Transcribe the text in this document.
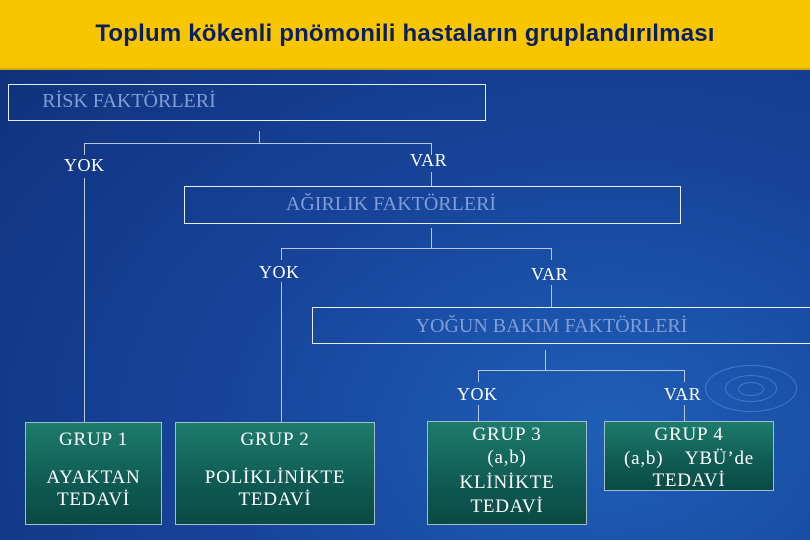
Toplum kökenli pnömonili hastaların gruplandırılması
RİSK FAKTÖRLERİ
AĞIRLIK FAKTÖRLERİ
YOĞUN BAKIM FAKTÖRLERİ
YOK	VAR
YOK	VAR
YOK	VAR
GRUP 1
AYAKTAN
TEDAVİ
GRUP 2
POLİKLİNİKTE
TEDAVİ
GRUP 3
(a,b)
KLİNİKTE
TEDAVİ
GRUP 4
(a,b)    YBÜ’de
TEDAVİ
